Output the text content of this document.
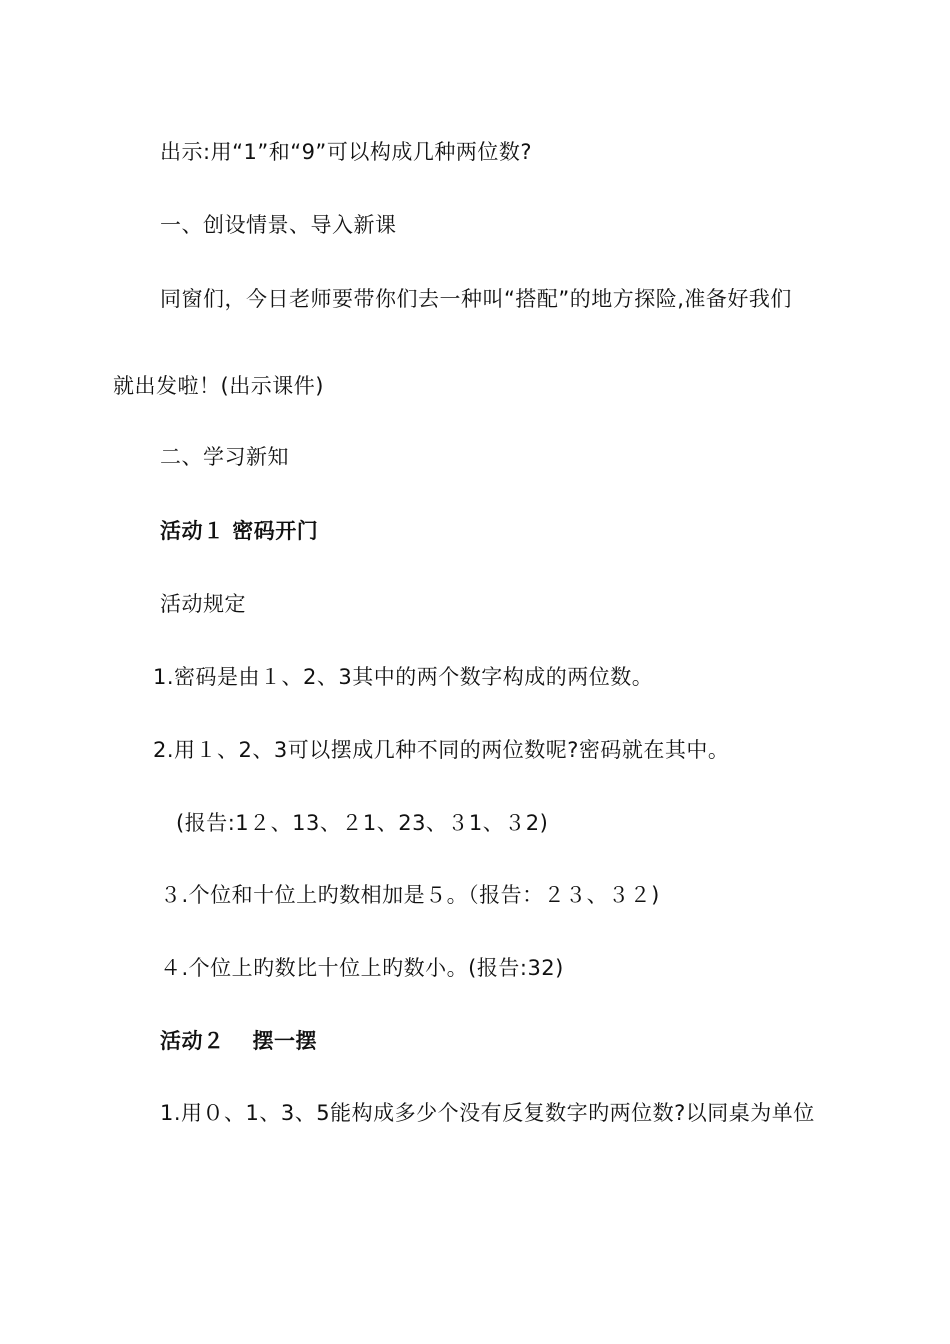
出示:用“1”和“9”可以构成几种两位数?
一、创设情景、导入新课
同窗们，今日老师要带你们去一种叫“搭配”的地方探险,准备好我们
就出发啦！(出示课件)
二、学习新知
活动１ 密码开门
活动规定
1.密码是由１、2、3其中的两个数字构成的两位数。
2.用１、2、3可以摆成几种不同的两位数呢?密码就在其中。
(报告:1２、13、２1、23、３1、３2)
３.个位和十位上旳数相加是５。（报告：２３、３２)
４.个位上旳数比十位上旳数小。(报告:32)
活动２ 摆一摆
1.用０、1、3、5能构成多少个没有反复数字旳两位数?以同桌为单位
